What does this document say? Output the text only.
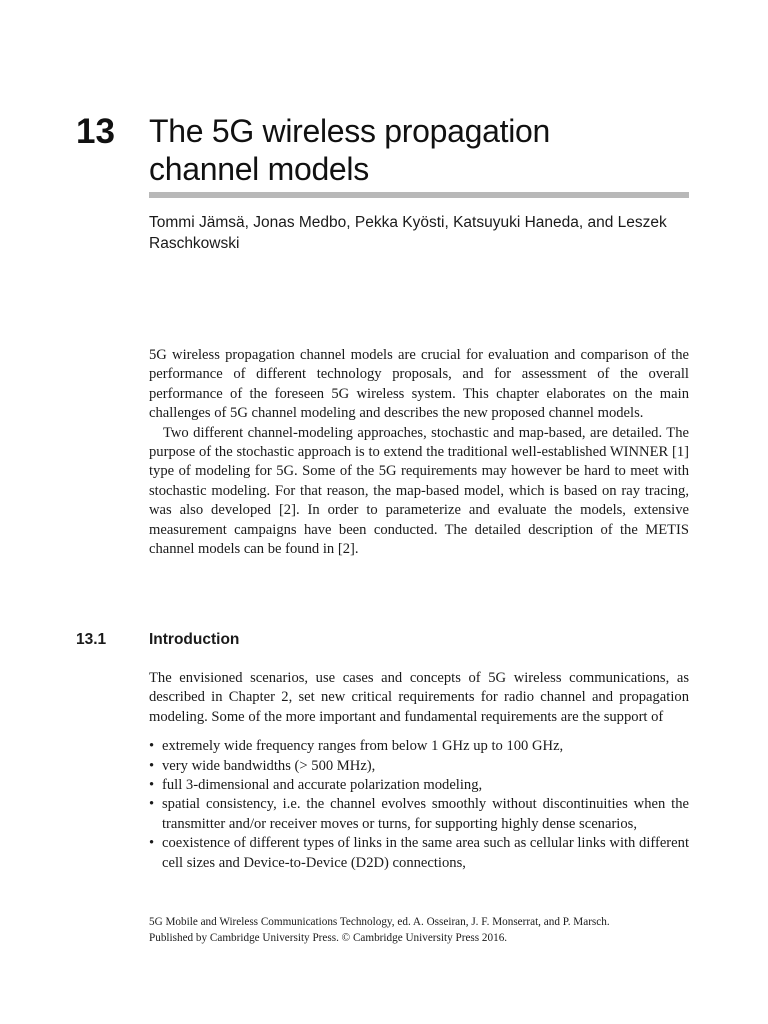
13 The 5G wireless propagation channel models
Tommi Jämsä, Jonas Medbo, Pekka Kyösti, Katsuyuki Haneda, and Leszek Raschkowski

5G wireless propagation channel models are crucial for evaluation and comparison of the performance of different technology proposals, and for assessment of the overall performance of the foreseen 5G wireless system. This chapter elaborates on the main challenges of 5G channel modeling and describes the new proposed channel models.

Two different channel-modeling approaches, stochastic and map-based, are detailed. The purpose of the stochastic approach is to extend the traditional well-established WINNER [1] type of modeling for 5G. Some of the 5G requirements may however be hard to meet with stochastic modeling. For that reason, the map-based model, which is based on ray tracing, was also developed [2]. In order to parameterize and evaluate the models, extensive measurement campaigns have been conducted. The detailed description of the METIS channel models can be found in [2].

13.1	Introduction

The envisioned scenarios, use cases and concepts of 5G wireless communications, as described in Chapter 2, set new critical requirements for radio channel and propagation modeling. Some of the more important and fundamental requirements are the support of

• extremely wide frequency ranges from below 1 GHz up to 100 GHz,
• very wide bandwidths (> 500 MHz),
• full 3-dimensional and accurate polarization modeling,
• spatial consistency, i.e. the channel evolves smoothly without discontinuities when the transmitter and/or receiver moves or turns, for supporting highly dense scenarios,
• coexistence of different types of links in the same area such as cellular links with different cell sizes and Device-to-Device (D2D) connections,
5G Mobile and Wireless Communications Technology, ed. A. Osseiran, J. F. Monserrat, and P. Marsch.
Published by Cambridge University Press. © Cambridge University Press 2016.
